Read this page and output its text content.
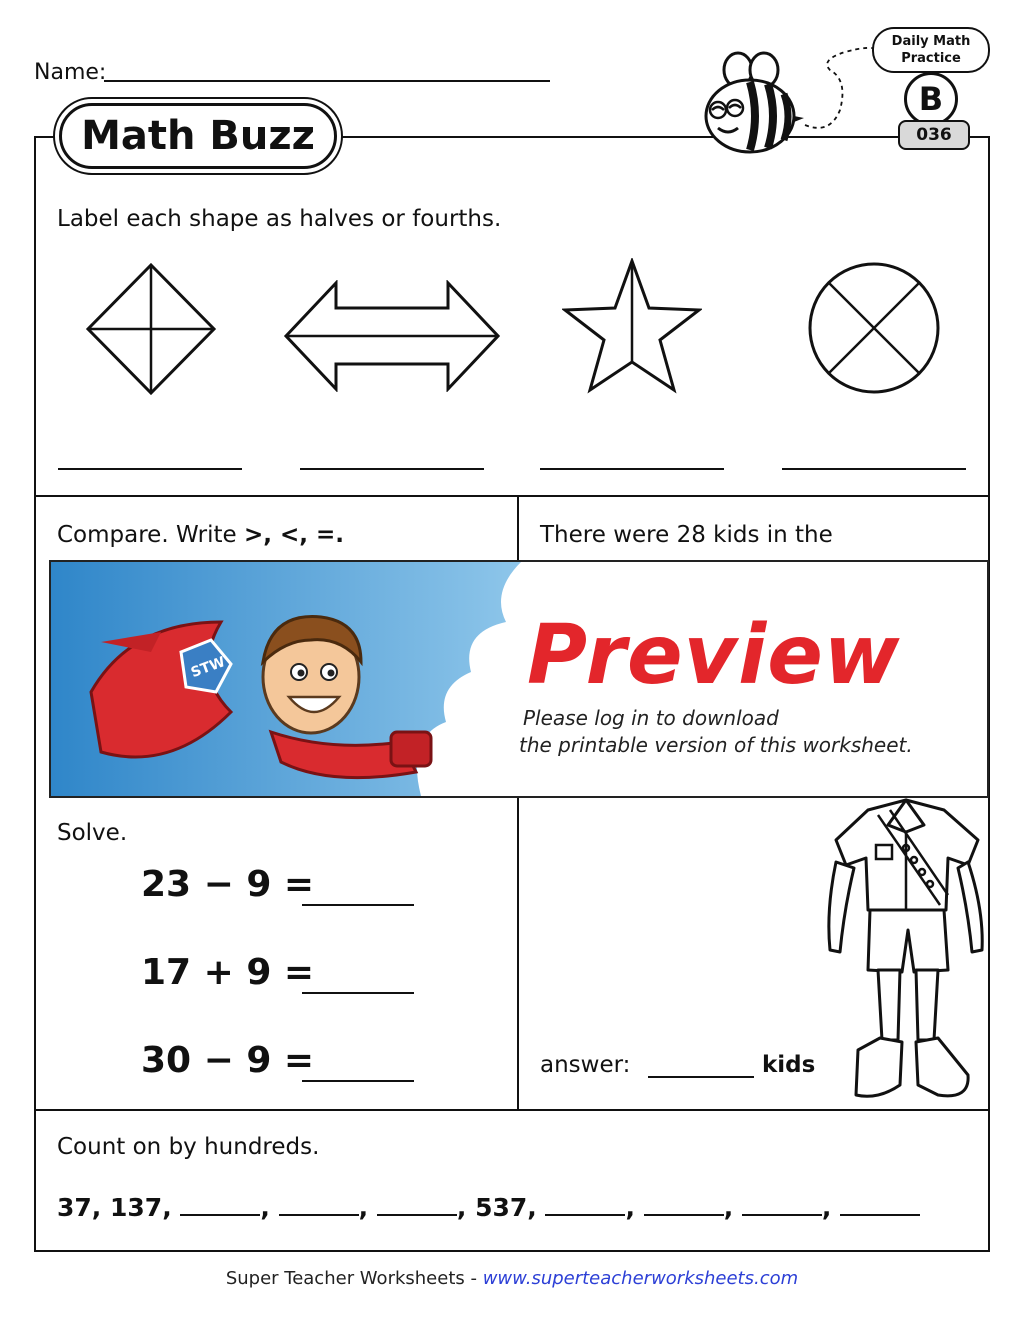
Name:
Math Buzz
Daily Math Practice
B
036
Label each shape as halves or fourths.
Compare. Write >, <, =.	There were 28 kids in the
STW	Preview
Please log in to download
the printable version of this worksheet.
Solve.
23 − 9 =
17 + 9 =
30 − 9 =	answer:	kids
Count on by hundreds.
37, 137,	,	,	, 537,	,	,	,
Super Teacher Worksheets - www.superteacherworksheets.com
